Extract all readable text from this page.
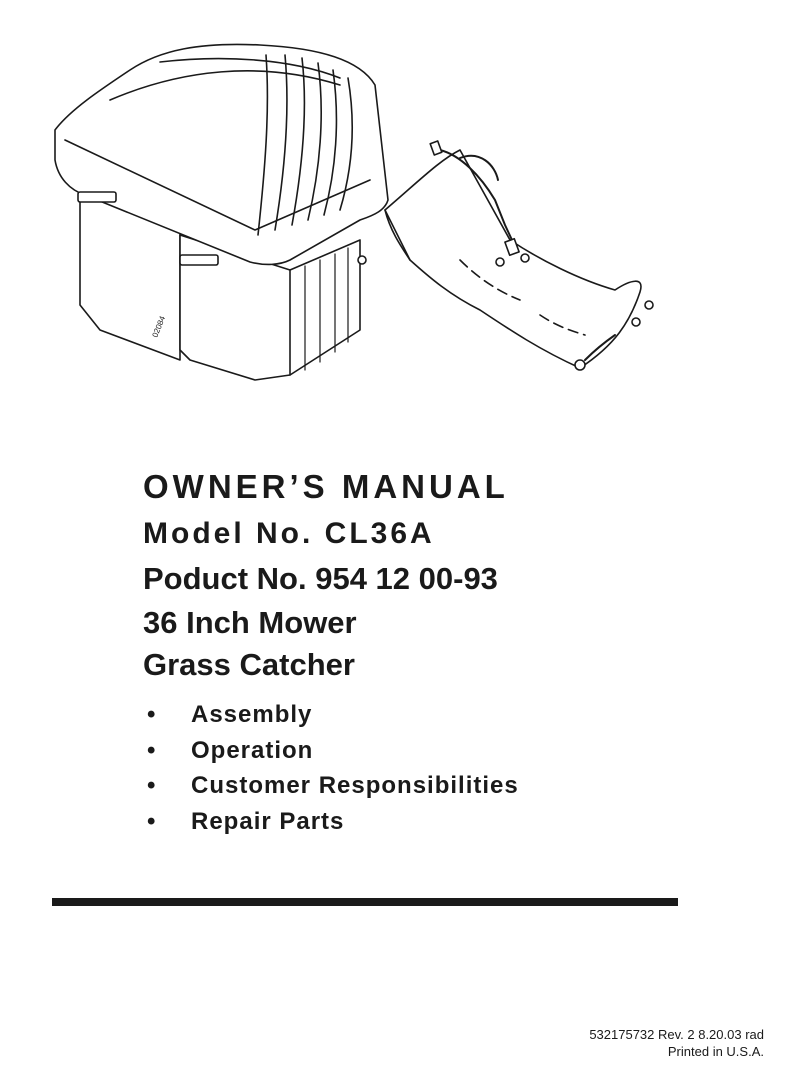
02084

OWNER’S MANUAL

Model No. CL36A

Poduct No. 954 12 00-93

36 Inch Mower

Grass Catcher

•	Assembly
•	Operation
•	Customer Responsibilities
•	Repair Parts
532175732 Rev. 2 8.20.03 rad
Printed in U.S.A.
